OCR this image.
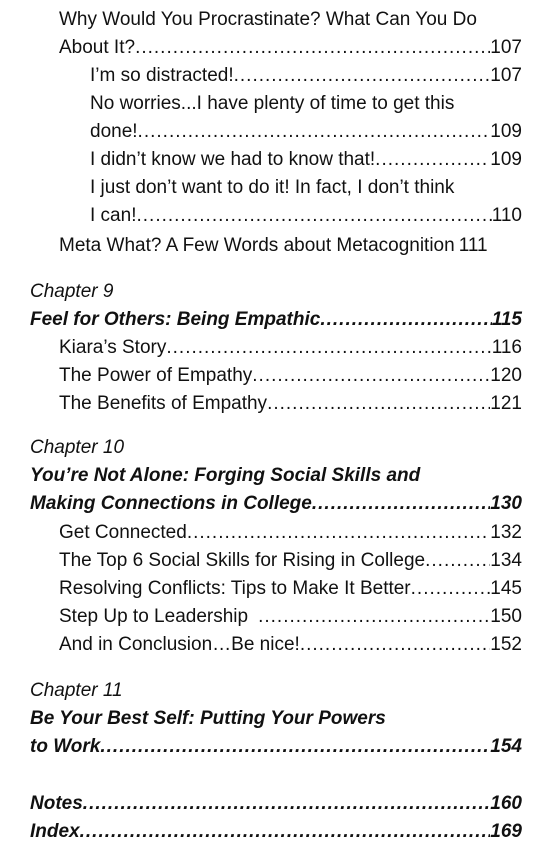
Why Would You Procrastinate? What Can You Do
About It? .....	107
I’m so distracted! .....	107
No worries...I have plenty of time to get this
done! .....	109
I didn’t know we had to know that! .....	109
I just don’t want to do it! In fact, I don’t think
I can! .....	110
Meta What? A Few Words about Metacognition 111
Chapter 9
Feel for Others: Being Empathic .....	115
Kiara’s Story .....	116
The Power of Empathy .....	120
The Benefits of Empathy .....	121
Chapter 10
You’re Not Alone: Forging Social Skills and
Making Connections in College .....	130
Get Connected .....	132
The Top 6 Social Skills for Rising in College .....	134
Resolving Conflicts: Tips to Make It Better .....	145
Step Up to Leadership .....	150
And in Conclusion…Be nice! .....	152
Chapter 11
Be Your Best Self: Putting Your Powers
to Work .....	154
Notes .....	160
Index .....	169
